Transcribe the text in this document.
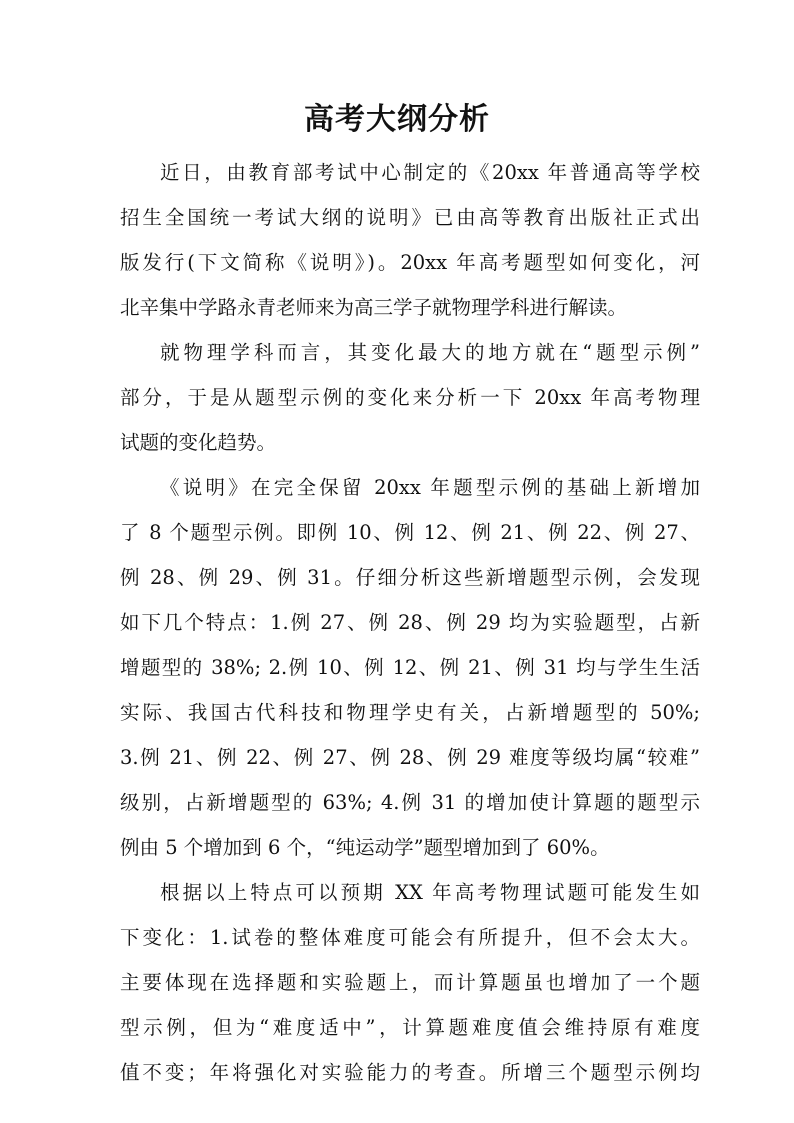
高考大纲分析
近日，由教育部考试中心制定的《20xx 年普通高等学校
招生全国统一考试大纲的说明》已由高等教育出版社正式出
版发行(下文简称《说明》)。20xx 年高考题型如何变化，河
北辛集中学路永青老师来为高三学子就物理学科进行解读。
就物理学科而言，其变化最大的地方就在“题型示例”
部分，于是从题型示例的变化来分析一下 20xx 年高考物理
试题的变化趋势。
《说明》在完全保留 20xx 年题型示例的基础上新增加
了 8 个题型示例。即例 10、例 12、例 21、例 22、例 27、
例 28、例 29、例 31。仔细分析这些新增题型示例，会发现
如下几个特点：1.例 27、例 28、例 29 均为实验题型，占新
增题型的 38%; 2.例 10、例 12、例 21、例 31 均与学生生活
实际、我国古代科技和物理学史有关，占新增题型的 50%;
3.例 21、例 22、例 27、例 28、例 29 难度等级均属“较难”
级别，占新增题型的 63%; 4.例 31 的增加使计算题的题型示
例由 5 个增加到 6 个，“纯运动学”题型增加到了 60%。
根据以上特点可以预期 XX 年高考物理试题可能发生如
下变化：1.试卷的整体难度可能会有所提升，但不会太大。
主要体现在选择题和实验题上，而计算题虽也增加了一个题
型示例，但为“难度适中”，计算题难度值会维持原有难度
值不变；年将强化对实验能力的考查。所增三个题型示例均
